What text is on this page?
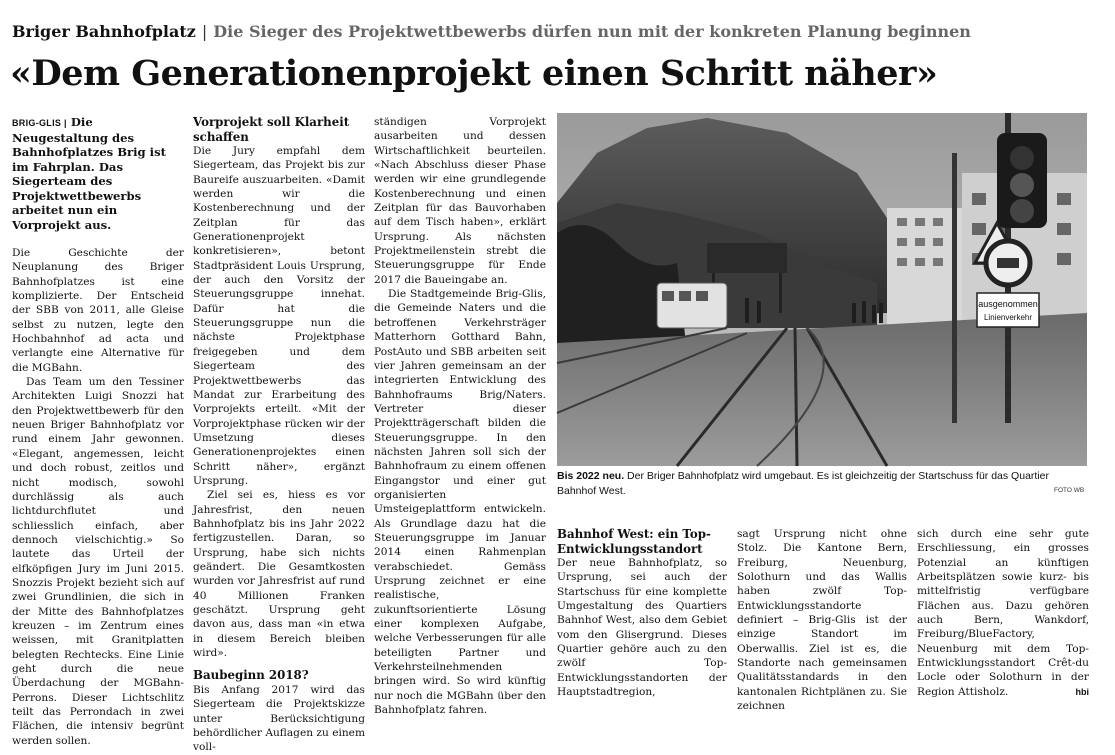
Briger Bahnhofplatz | Die Sieger des Projektwettbewerbs dürfen nun mit der konkreten Planung beginnen
«Dem Generationenprojekt einen Schritt näher»

BRIG-GLIS | Die Neugestaltung des Bahnhofplatzes Brig ist im Fahrplan. Das Siegerteam des Projektwettbewerbs arbeitet nun ein Vorprojekt aus.

Die Geschichte der Neuplanung des Briger Bahnhofplatzes ist eine komplizierte. Der Entscheid der SBB von 2011, alle Gleise selbst zu nutzen, legte den Hochbahnhof ad acta und verlangte eine Alternative für die MGBahn.

Das Team um den Tessiner Architekten Luigi Snozzi hat den Projektwettbewerb für den neuen Briger Bahnhofplatz vor rund einem Jahr gewonnen. «Elegant, angemessen, leicht und doch robust, zeitlos und nicht modisch, sowohl durchlässig als auch lichtdurchflutet und schliesslich einfach, aber dennoch vielschichtig.» So lautete das Urteil der elfköpfigen Jury im Juni 2015. Snozzis Projekt bezieht sich auf zwei Grundlinien, die sich in der Mitte des Bahnhofplatzes kreuzen – im Zentrum eines weissen, mit Granitplatten belegten Rechtecks. Eine Linie geht durch die neue Überdachung der MGBahn-Perrons. Dieser Lichtschlitz teilt das Perrondach in zwei Flächen, die intensiv begrünt werden sollen.

Vorprojekt soll Klarheit schaffen

Die Jury empfahl dem Siegerteam, das Projekt bis zur Baureife auszuarbeiten. «Damit werden wir die Kostenberechnung und der Zeitplan für das Generationenprojekt konkretisieren», betont Stadtpräsident Louis Ursprung, der auch den Vorsitz der Steuerungsgruppe innehat. Dafür hat die Steuerungsgruppe nun die nächste Projektphase freigegeben und dem Siegerteam des Projektwettbewerbs das Mandat zur Erarbeitung des Vorprojekts erteilt. «Mit der Vorprojektphase rücken wir der Umsetzung dieses Generationenprojektes einen Schritt näher», ergänzt Ursprung.

Ziel sei es, hiess es vor Jahresfrist, den neuen Bahnhofplatz bis ins Jahr 2022 fertigzustellen. Daran, so Ursprung, habe sich nichts geändert. Die Gesamtkosten wurden vor Jahresfrist auf rund 40 Millionen Franken geschätzt. Ursprung geht davon aus, dass man «in etwa in diesem Bereich bleiben wird».

Baubeginn 2018?

Bis Anfang 2017 wird das Siegerteam die Projektskizze unter Berücksichtigung behördlicher Auflagen zu einem voll-

ständigen Vorprojekt ausarbeiten und dessen Wirtschaftlichkeit beurteilen. «Nach Abschluss dieser Phase werden wir eine grundlegende Kostenberechnung und einen Zeitplan für das Bauvorhaben auf dem Tisch haben», erklärt Ursprung. Als nächsten Projektmeilenstein strebt die Steuerungsgruppe für Ende 2017 die Baueingabe an.

Die Stadtgemeinde Brig-Glis, die Gemeinde Naters und die betroffenen Verkehrsträger Matterhorn Gotthard Bahn, PostAuto und SBB arbeiten seit vier Jahren gemeinsam an der integrierten Entwicklung des Bahnhofraums Brig/Naters. Vertreter dieser Projektträgerschaft bilden die Steuerungsgruppe. In den nächsten Jahren soll sich der Bahnhofraum zu einem offenen Eingangstor und einer gut organisierten Umsteigeplattform entwickeln. Als Grundlage dazu hat die Steuerungsgruppe im Januar 2014 einen Rahmenplan verabschiedet. Gemäss Ursprung zeichnet er eine realistische, zukunftsorientierte Lösung einer komplexen Aufgabe, welche Verbesserungen für alle beteiligten Partner und Verkehrsteilnehmenden bringen wird. So wird künftig nur noch die MGBahn über den Bahnhofplatz fahren.

ausgenommen
Linienverkehr
Bis 2022 neu. Der Briger Bahnhofplatz wird umgebaut. Es ist gleichzeitig der Startschuss für das Quartier Bahnhof West.	FOTO WB
Bahnhof West: ein Top-Entwicklungsstandort

Der neue Bahnhofplatz, so Ursprung, sei auch der Startschuss für eine komplette Umgestaltung des Quartiers Bahnhof West, also dem Gebiet vom den Glisergrund. Dieses Quartier gehöre auch zu den zwölf Top-Entwicklungsstandorten der Hauptstadtregion,

sagt Ursprung nicht ohne Stolz. Die Kantone Bern, Freiburg, Neuenburg, Solothurn und das Wallis haben zwölf Top-Entwicklungsstandorte definiert – Brig-Glis ist der einzige Standort im Oberwallis. Ziel ist es, die Standorte nach gemeinsamen Qualitätsstandards in den kantonalen Richtplänen zu. Sie zeichnen

sich durch eine sehr gute Erschliessung, ein grosses Potenzial an künftigen Arbeitsplätzen sowie kurz- bis mittelfristig verfügbare Flächen aus. Dazu gehören auch Bern, Wankdorf, Freiburg/BlueFactory, Neuenburg mit dem Top-Entwicklungsstandort Crêt-du Locle oder Solothurn in der Region Attisholz.	hbi
